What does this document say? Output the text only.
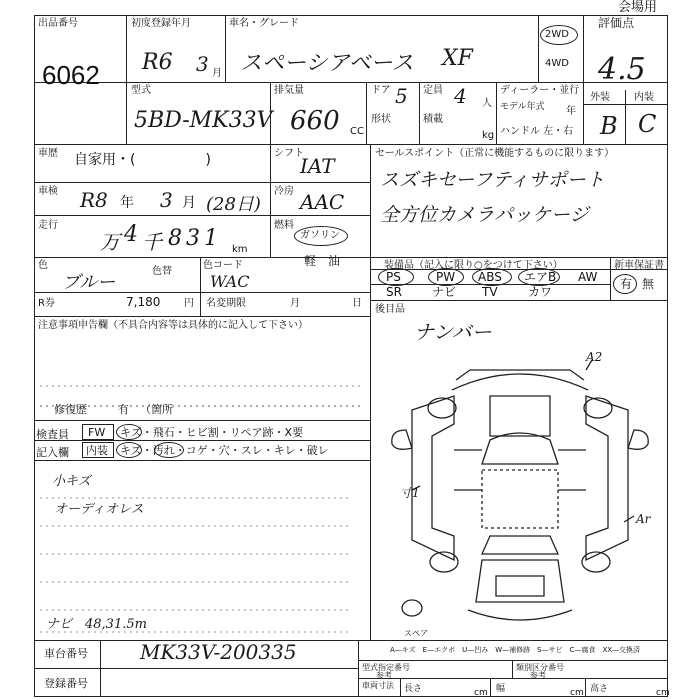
出品番号
6062
初度登録年月
R6 3 月
車名・グレード
スペーシアベース XF
2WD
4WD
会場用
評価点
4.5
外装 内装
B C
型式
5BD-MK33V
排気量
660 CC
ドア 5 定員 4 人
形状	積載
kg
ディーラー・並行
モデル年式 年
ハンドル 左・右
車歴 自家用・(　　　　　)	シフト
IAT
車検 R8 年 3 月 (28日)
冷房 AAC
走行
万 4 千 831 km
燃料
ガソリン
軽　油
色
ブルー
色替
色コード
WAC
R券	7,180 円 名変期限	月	日
セールスポイント（正常に機能するものに限ります）
スズキセーフティサポート
全方位カメラパッケージ
装備品（記入に限り○をつけて下さい）
PS	PW ABS エアB AW
SR	ナビ TV	カワ
新車保証書
有 無
後目品
ナンバー
注意事項申告欄（不具合内容等は具体的に記入して下さい）
修復歴	有 （箇所
検査員記入欄
FW キズ・飛石・ヒビ割・リペア跡・X要
内装 キズ・汚れ・コゲ・穴・スレ・キレ・破レ
小キズ
オーディオレス
ナビ　48,31.5m
A2
Ar
寸1
スペア
A—キズ　E—エクボ　U—凹み　W—補修跡　S—サビ　C—腐食　XX—交換済
車台番号	MK33V-200335
登録番号
型式指定番号
参考
類別区分番号
参考
車両寸法 長さ	cm 幅	cm 高さ	cm
